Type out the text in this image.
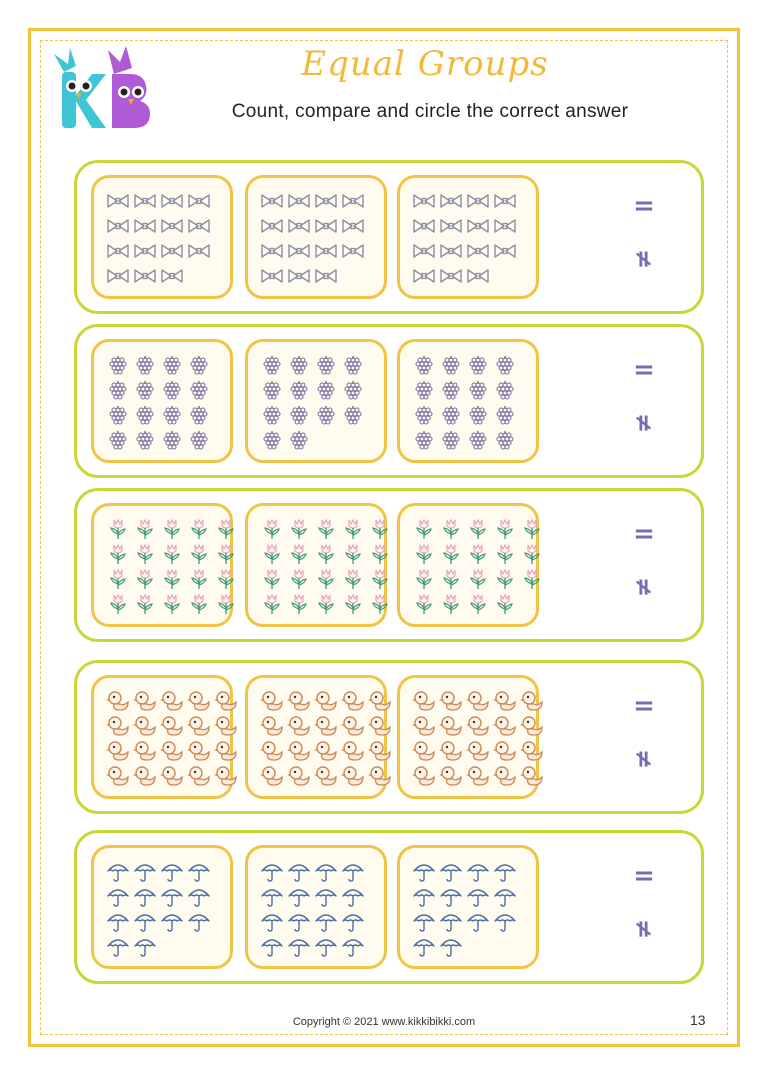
Equal Groups
Count, compare and circle the correct answer
=
≠
=
≠
=
≠
=
≠
=
≠
Copyright © 2021 www.kikkibikki.com	13
